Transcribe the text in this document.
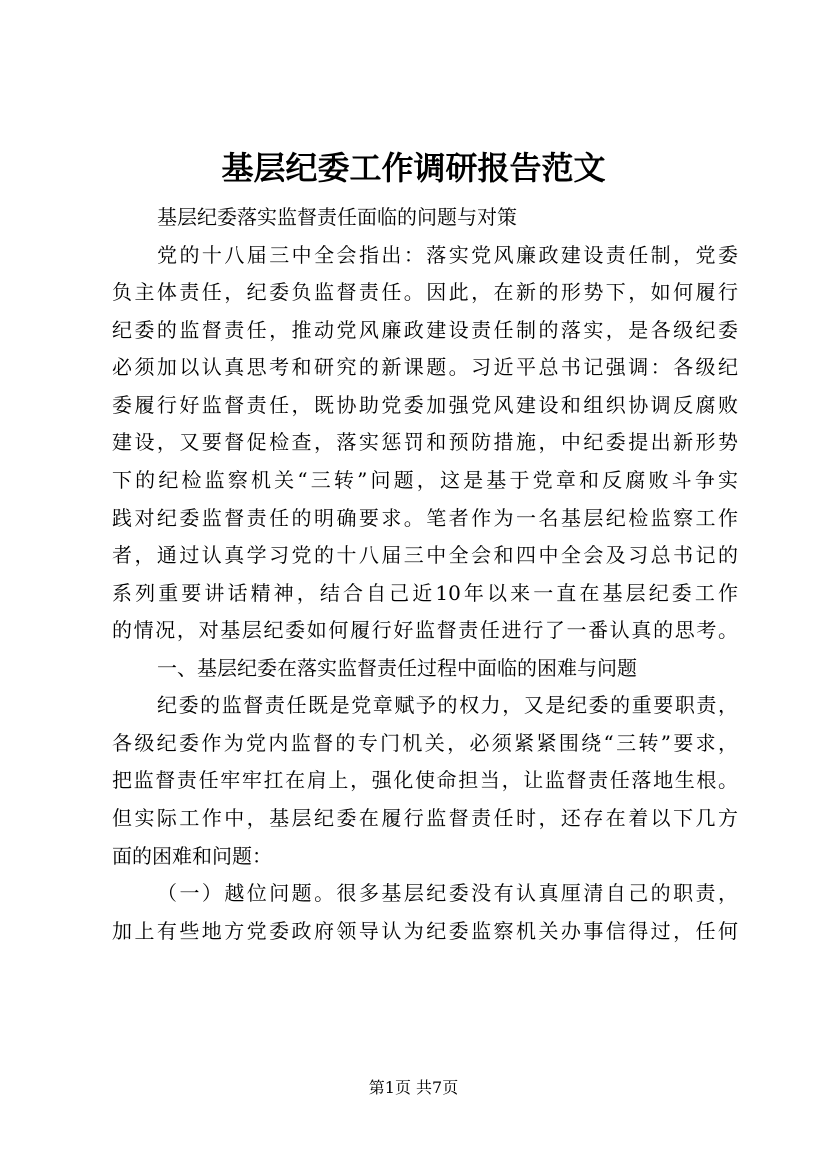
基层纪委工作调研报告范文
基层纪委落实监督责任面临的问题与对策
党的十八届三中全会指出：落实党风廉政建设责任制，党委
负主体责任，纪委负监督责任。因此，在新的形势下，如何履行
纪委的监督责任，推动党风廉政建设责任制的落实，是各级纪委
必须加以认真思考和研究的新课题。习近平总书记强调：各级纪
委履行好监督责任，既协助党委加强党风建设和组织协调反腐败
建设，又要督促检查，落实惩罚和预防措施，中纪委提出新形势
下的纪检监察机关“三转”问题，这是基于党章和反腐败斗争实
践对纪委监督责任的明确要求。笔者作为一名基层纪检监察工作
者，通过认真学习党的十八届三中全会和四中全会及习总书记的
系列重要讲话精神，结合自己近10年以来一直在基层纪委工作
的情况，对基层纪委如何履行好监督责任进行了一番认真的思考。
一、基层纪委在落实监督责任过程中面临的困难与问题
纪委的监督责任既是党章赋予的权力，又是纪委的重要职责，
各级纪委作为党内监督的专门机关，必须紧紧围绕“三转”要求，
把监督责任牢牢扛在肩上，强化使命担当，让监督责任落地生根。
但实际工作中，基层纪委在履行监督责任时，还存在着以下几方
面的困难和问题：
（一）越位问题。很多基层纪委没有认真厘清自己的职责，
加上有些地方党委政府领导认为纪委监察机关办事信得过，任何
第1页 共7页
